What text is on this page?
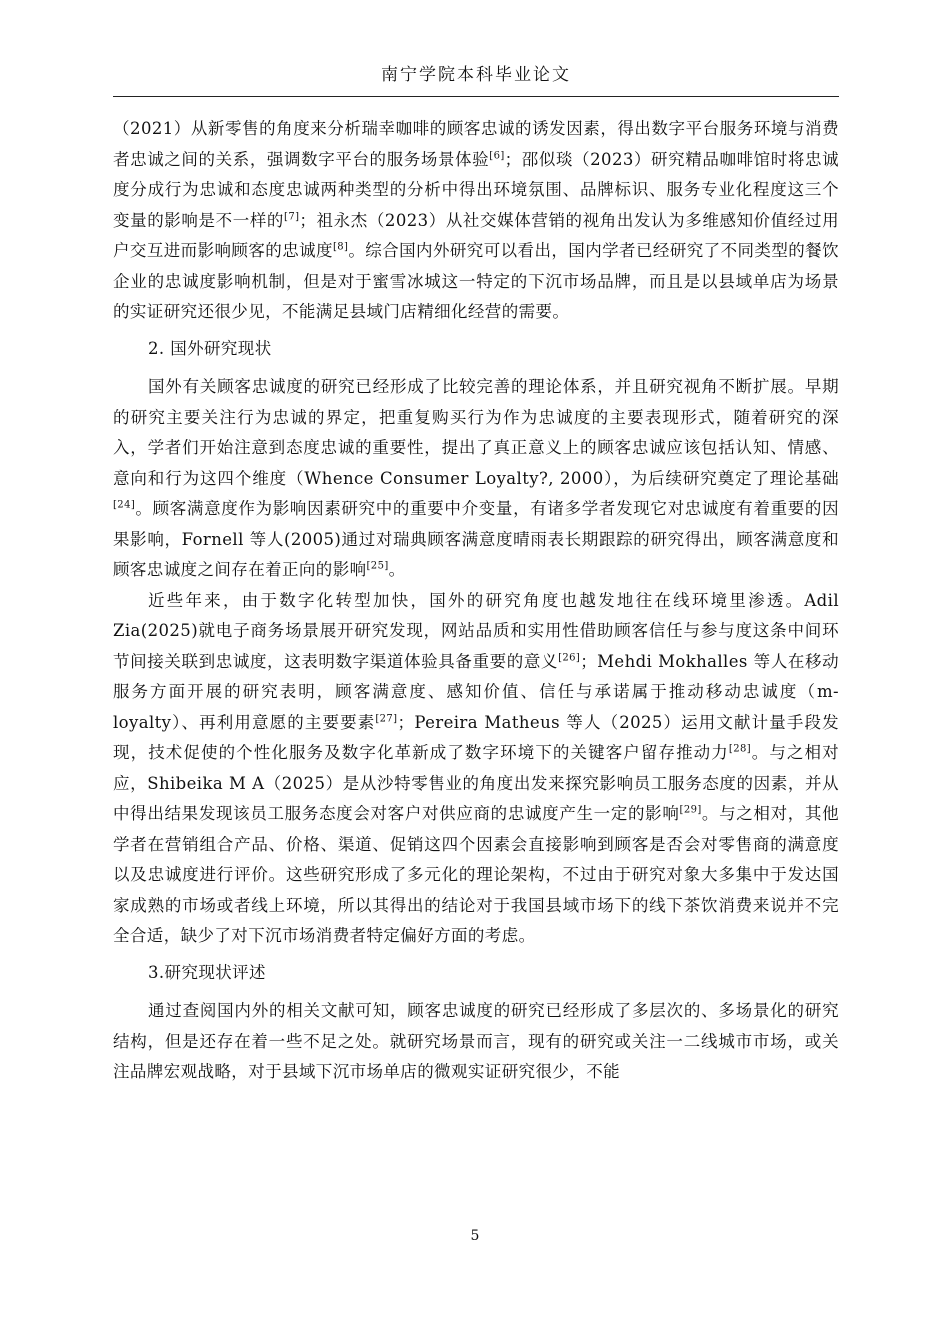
南宁学院本科毕业论文

（2021）从新零售的角度来分析瑞幸咖啡的顾客忠诚的诱发因素，得出数字平台服务环境与消费者忠诚之间的关系，强调数字平台的服务场景体验[6]；邵似琰（2023）研究精品咖啡馆时将忠诚度分成行为忠诚和态度忠诚两种类型的分析中得出环境氛围、品牌标识、服务专业化程度这三个变量的影响是不一样的[7]；祖永杰（2023）从社交媒体营销的视角出发认为多维感知价值经过用户交互进而影响顾客的忠诚度[8]。综合国内外研究可以看出，国内学者已经研究了不同类型的餐饮企业的忠诚度影响机制，但是对于蜜雪冰城这一特定的下沉市场品牌，而且是以县域单店为场景的实证研究还很少见，不能满足县域门店精细化经营的需要。

2. 国外研究现状

国外有关顾客忠诚度的研究已经形成了比较完善的理论体系，并且研究视角不断扩展。早期的研究主要关注行为忠诚的界定，把重复购买行为作为忠诚度的主要表现形式，随着研究的深入，学者们开始注意到态度忠诚的重要性，提出了真正意义上的顾客忠诚应该包括认知、情感、意向和行为这四个维度（Whence Consumer Loyalty?, 2000），为后续研究奠定了理论基础[24]。顾客满意度作为影响因素研究中的重要中介变量，有诸多学者发现它对忠诚度有着重要的因果影响，Fornell 等人(2005)通过对瑞典顾客满意度晴雨表长期跟踪的研究得出，顾客满意度和顾客忠诚度之间存在着正向的影响[25]。

近些年来，由于数字化转型加快，国外的研究角度也越发地往在线环境里渗透。Adil Zia(2025)就电子商务场景展开研究发现，网站品质和实用性借助顾客信任与参与度这条中间环节间接关联到忠诚度，这表明数字渠道体验具备重要的意义[26]；Mehdi Mokhalles 等人在移动服务方面开展的研究表明，顾客满意度、感知价值、信任与承诺属于推动移动忠诚度（m-loyalty）、再利用意愿的主要要素[27]；Pereira Matheus 等人（2025）运用文献计量手段发现，技术促使的个性化服务及数字化革新成了数字环境下的关键客户留存推动力[28]。与之相对应，Shibeika M A（2025）是从沙特零售业的角度出发来探究影响员工服务态度的因素，并从中得出结果发现该员工服务态度会对客户对供应商的忠诚度产生一定的影响[29]。与之相对，其他学者在营销组合产品、价格、渠道、促销这四个因素会直接影响到顾客是否会对零售商的满意度以及忠诚度进行评价。这些研究形成了多元化的理论架构，不过由于研究对象大多集中于发达国家成熟的市场或者线上环境，所以其得出的结论对于我国县域市场下的线下茶饮消费来说并不完全合适，缺少了对下沉市场消费者特定偏好方面的考虑。

3.研究现状评述

通过查阅国内外的相关文献可知，顾客忠诚度的研究已经形成了多层次的、多场景化的研究结构，但是还存在着一些不足之处。就研究场景而言，现有的研究或关注一二线城市市场，或关注品牌宏观战略，对于县域下沉市场单店的微观实证研究很少，不能

5
